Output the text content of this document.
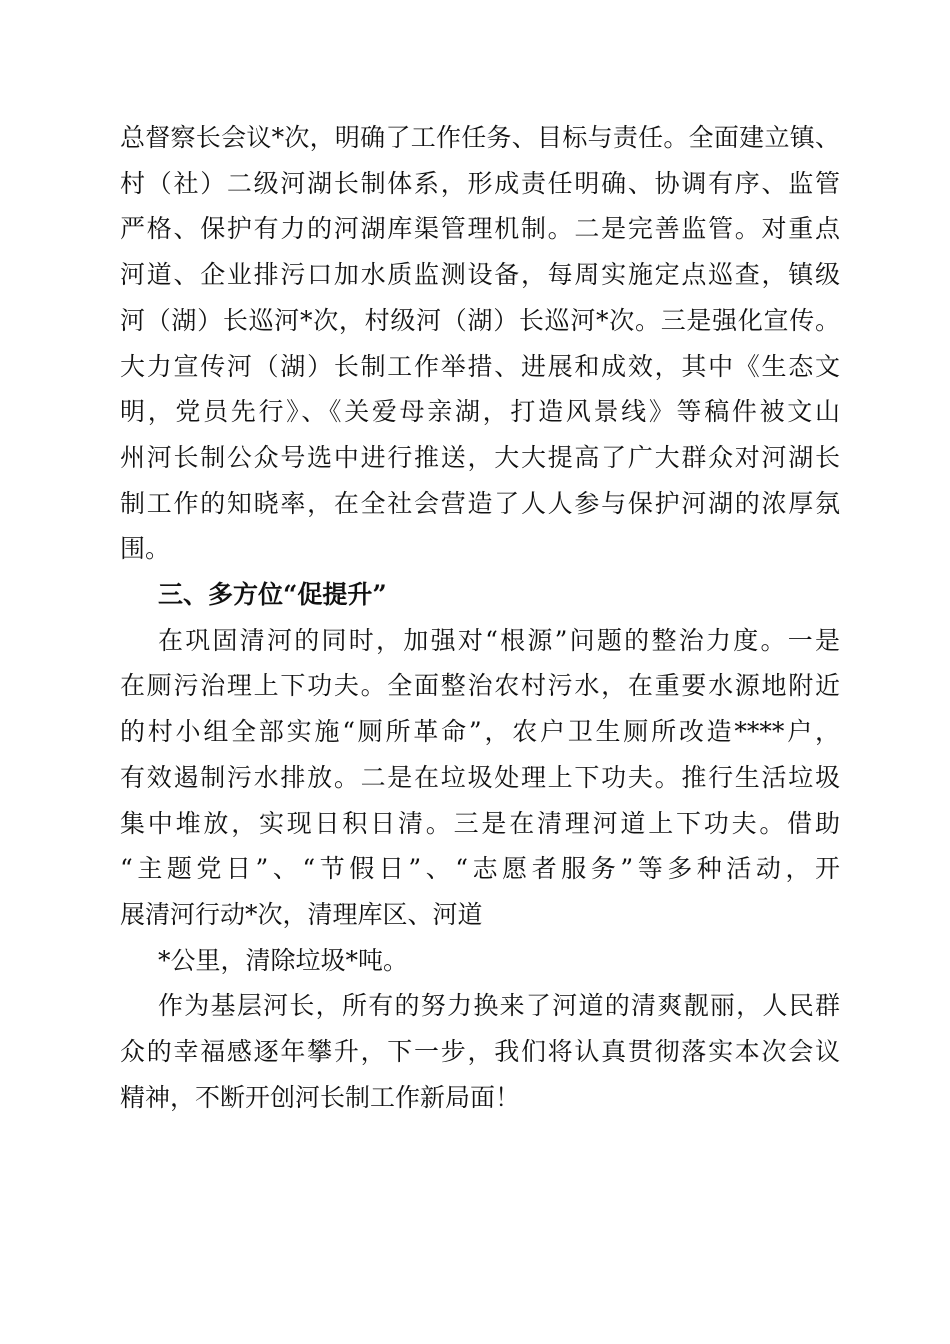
总督察长会议*次，明确了工作任务、目标与责任。全面建立镇、
村（社）二级河湖长制体系，形成责任明确、协调有序、监管
严格、保护有力的河湖库渠管理机制。二是完善监管。对重点
河道、企业排污口加水质监测设备，每周实施定点巡查，镇级
河（湖）长巡河*次，村级河（湖）长巡河*次。三是强化宣传。
大力宣传河（湖）长制工作举措、进展和成效，其中《生态文
明，党员先行》、《关爱母亲湖，打造风景线》等稿件被文山
州河长制公众号选中进行推送，大大提高了广大群众对河湖长
制工作的知晓率，在全社会营造了人人参与保护河湖的浓厚氛
围。
三、多方位“促提升”
在巩固清河的同时，加强对“根源”问题的整治力度。一是
在厕污治理上下功夫。全面整治农村污水，在重要水源地附近
的村小组全部实施“厕所革命”，农户卫生厕所改造****户，
有效遏制污水排放。二是在垃圾处理上下功夫。推行生活垃圾
集中堆放，实现日积日清。三是在清理河道上下功夫。借助
“主题党日”、“节假日”、“志愿者服务”等多种活动，开
展清河行动*次，清理库区、河道
*公里，清除垃圾*吨。
作为基层河长，所有的努力换来了河道的清爽靓丽，人民群
众的幸福感逐年攀升，下一步，我们将认真贯彻落实本次会议
精神，不断开创河长制工作新局面！
